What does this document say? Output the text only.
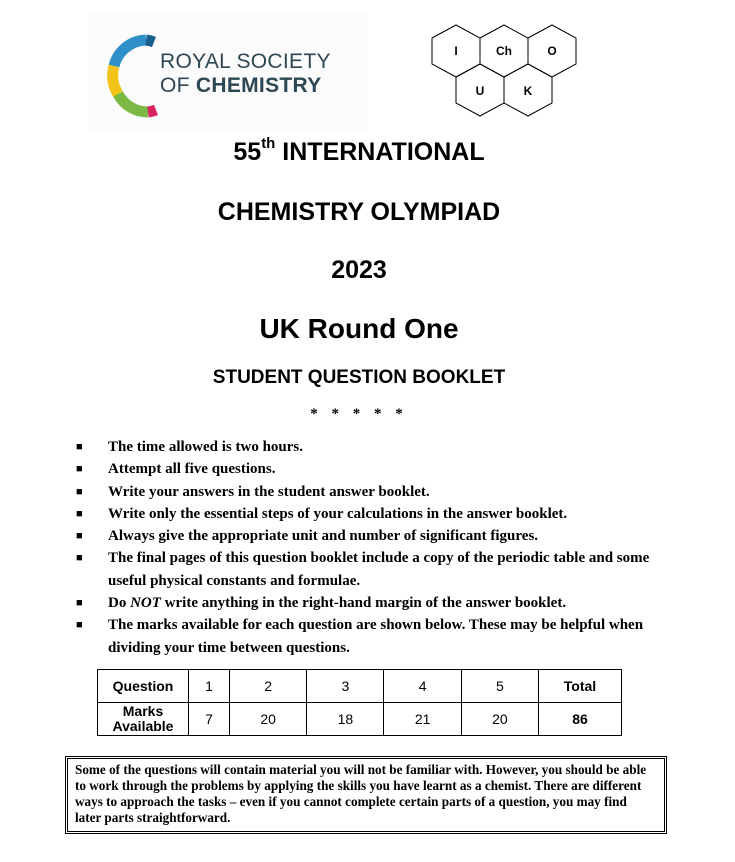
ROYAL SOCIETY
OF CHEMISTRY
I	Ch	O
U	K
55th INTERNATIONAL
CHEMISTRY OLYMPIAD
2023
UK Round One
STUDENT QUESTION BOOKLET
* * * * *
■
The time allowed is two hours.
■
Attempt all five questions.
■
Write your answers in the student answer booklet.
■
Write only the essential steps of your calculations in the answer booklet.
■
Always give the appropriate unit and number of significant figures.
■
The final pages of this question booklet include a copy of the periodic table and some useful physical constants and formulae.
■
Do NOT write anything in the right-hand margin of the answer booklet.
■
The marks available for each question are shown below. These may be helpful when dividing your time between questions.
Question	1	2	3	4	5	Total
Marks
Available	7	20	18	21	20	86

Some of the questions will contain material you will not be familiar with. However, you should be able to work through the problems by applying the skills you have learnt as a chemist. There are different ways to approach the tasks – even if you cannot complete certain parts of a question, you may find later parts straightforward.
